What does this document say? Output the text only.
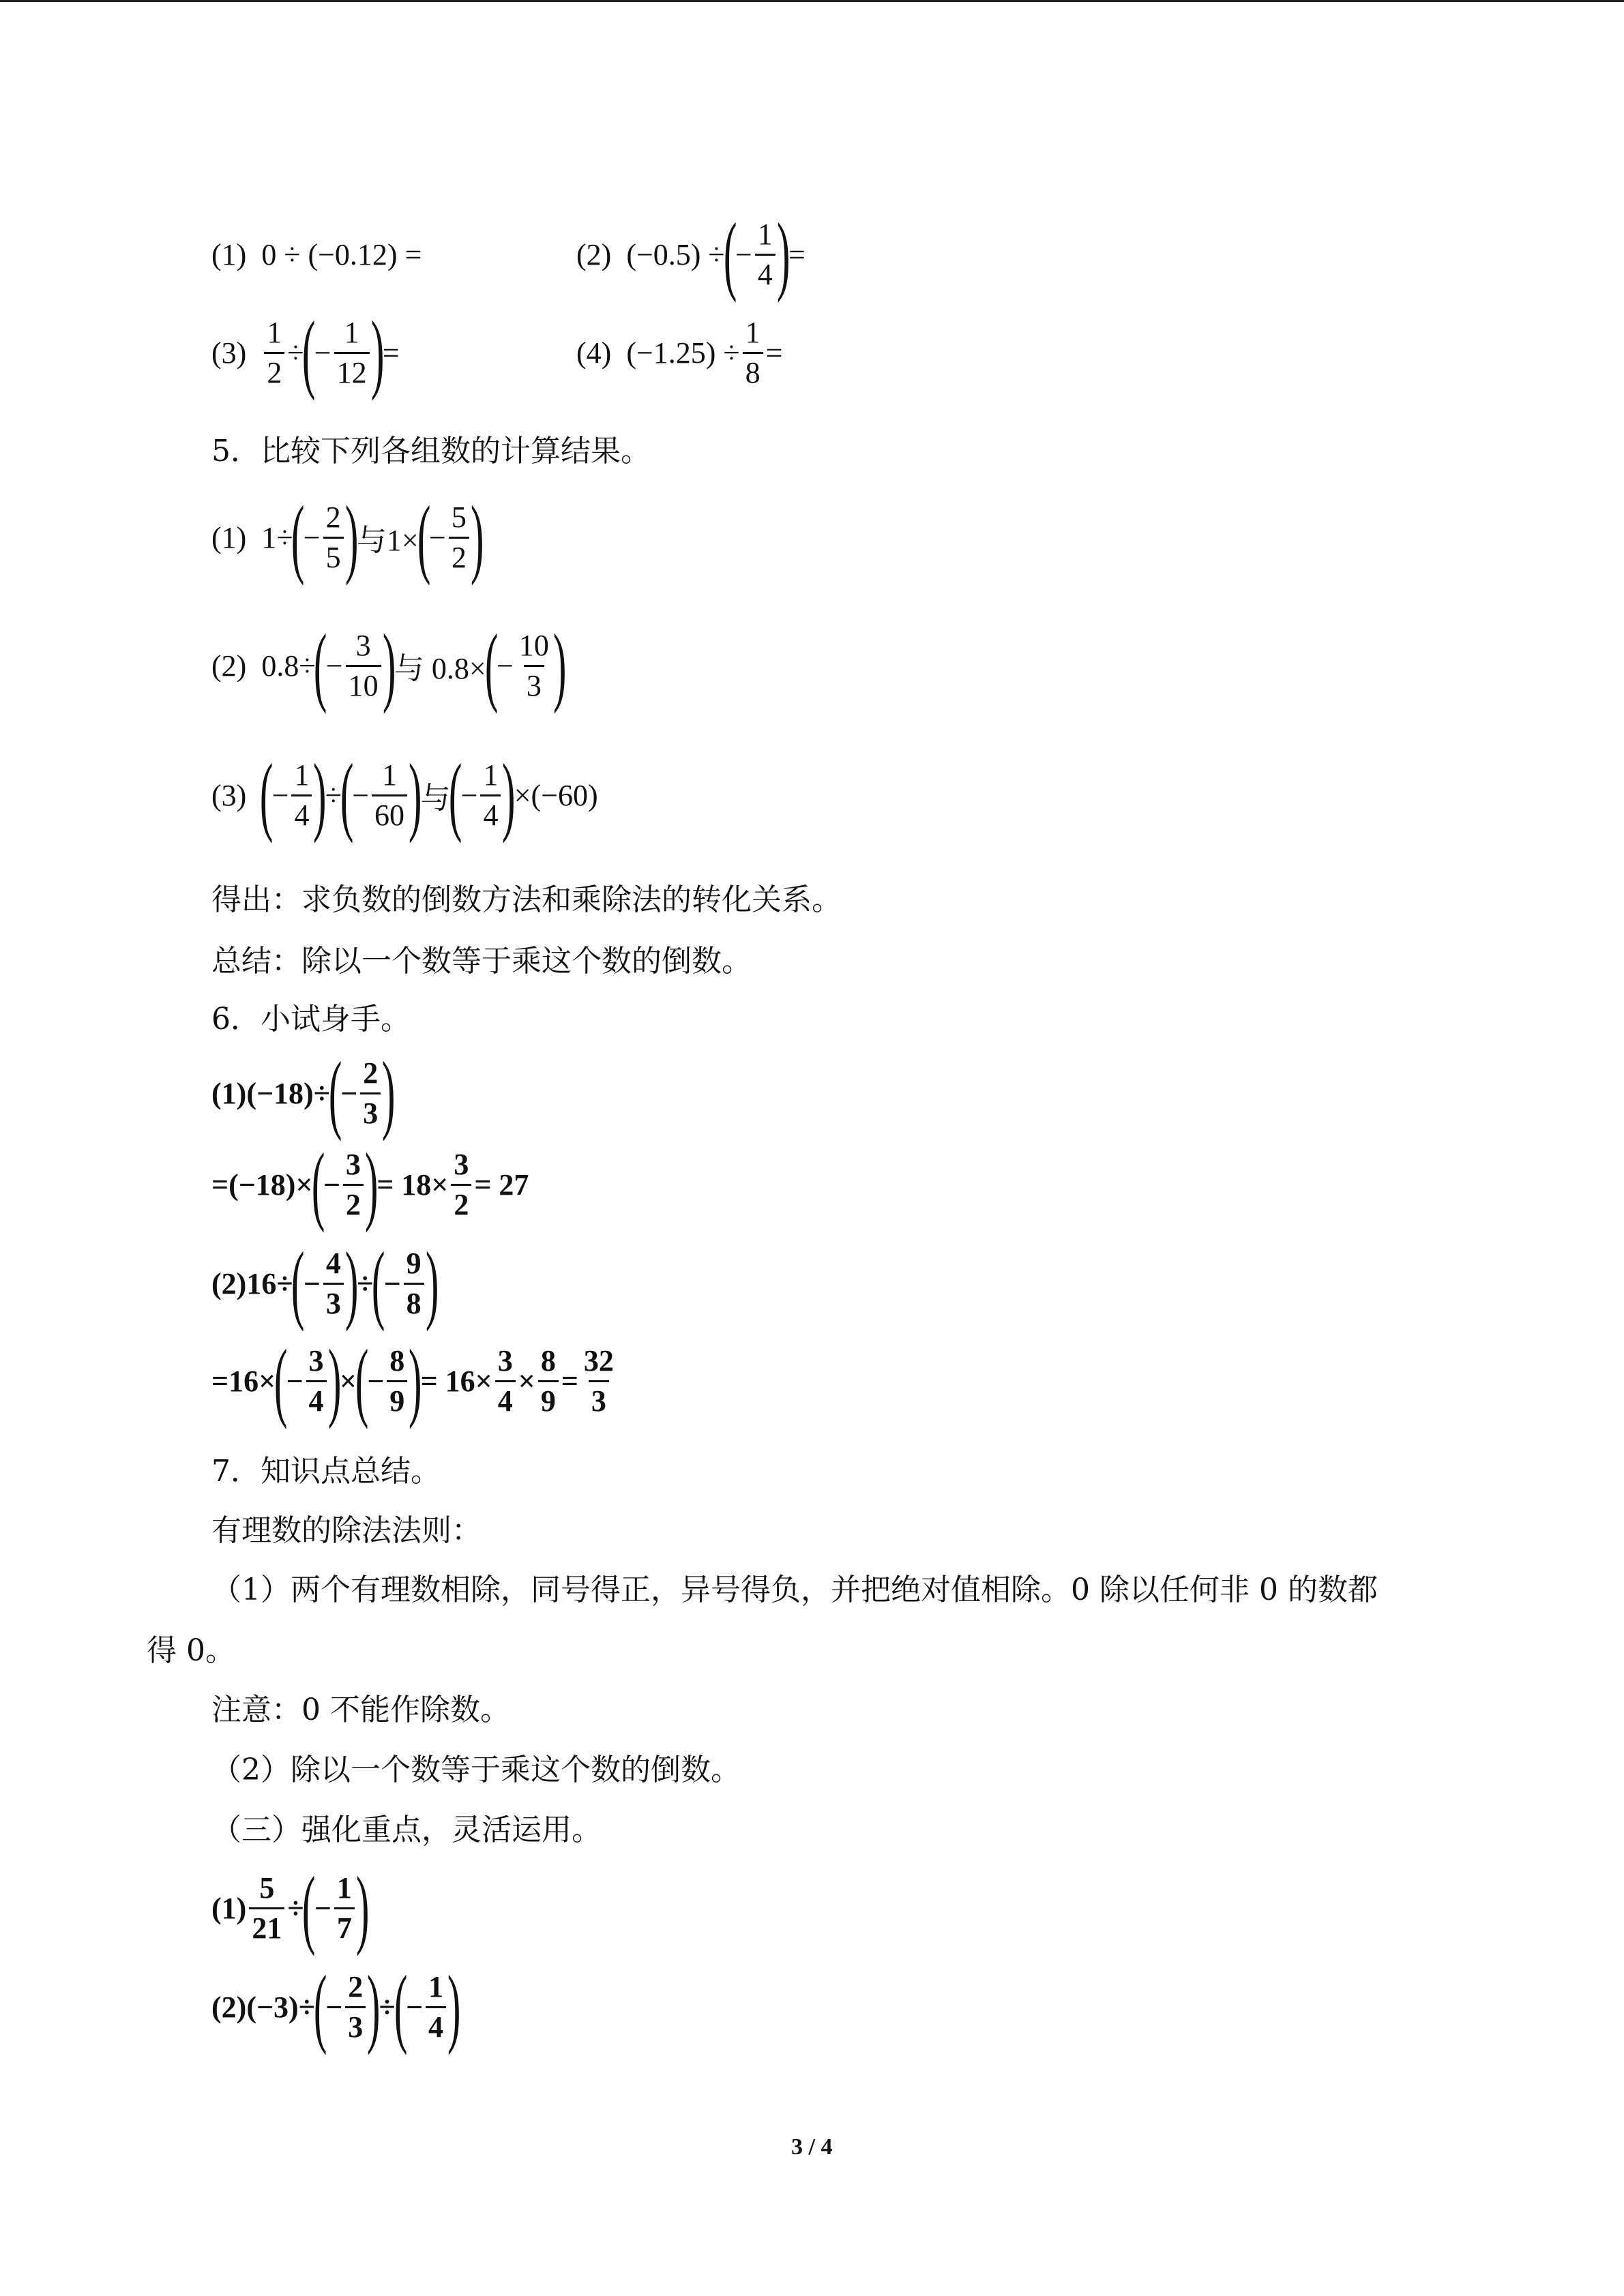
(1) 0 ÷ (−0.12) =	(2) (−0.5) ÷
(
− $\frac{1}{4}$ )
=
$(3) \frac{1}{2}$ ÷
(
− $\frac{1}{12}$ )
=	(4) $(-1.25) \div \frac{1}{8}$ =
5．比较下列各组数的计算结果。
(1) 1÷
(
− $\frac{2}{5}$ )
与1×
(
− $\frac{5}{2}$ )
(2) 0.8÷
(
− $\frac{3}{10}$ )
与 0.8×
(
− $\frac{10}{3}$ )
(3) (
− $\frac{1}{4}$ )
÷
(
− $\frac{1}{60}$ )
与
(
− $\frac{1}{4}$ )
×(−60)
得出：求负数的倒数方法和乘除法的转化关系。
总结：除以一个数等于乘这个数的倒数。
6．小试身手。
(1) (−18)÷
(
− $\frac{2}{3}$ )
= (−18)×
(
− $\frac{3}{2}$ )
= $18\times \frac{3}{2} = 27$
(2) 16÷
(
− $\frac{4}{3}$ )
÷
(
− $\frac{9}{8}$ )
= 16×
(
− $\frac{3}{4}$ )
×
(
− $\frac{8}{9}$ )
= $16\times \frac{3}{4} \times \frac{8}{9} = \frac{32}{3}$
7．知识点总结。
有理数的除法法则：
（1）两个有理数相除，同号得正，异号得负，并把绝对值相除。0 除以任何非 0 的数都
得 0。
注意：0 不能作除数。
（2）除以一个数等于乘这个数的倒数。
（三）强化重点，灵活运用。
$(1) \frac{5}{21}$ ÷
(
− $\frac{1}{7}$ )
(2) (−3)÷
(
− $\frac{2}{3}$ )
÷
(
− $\frac{1}{4}$ )
3 / 4
